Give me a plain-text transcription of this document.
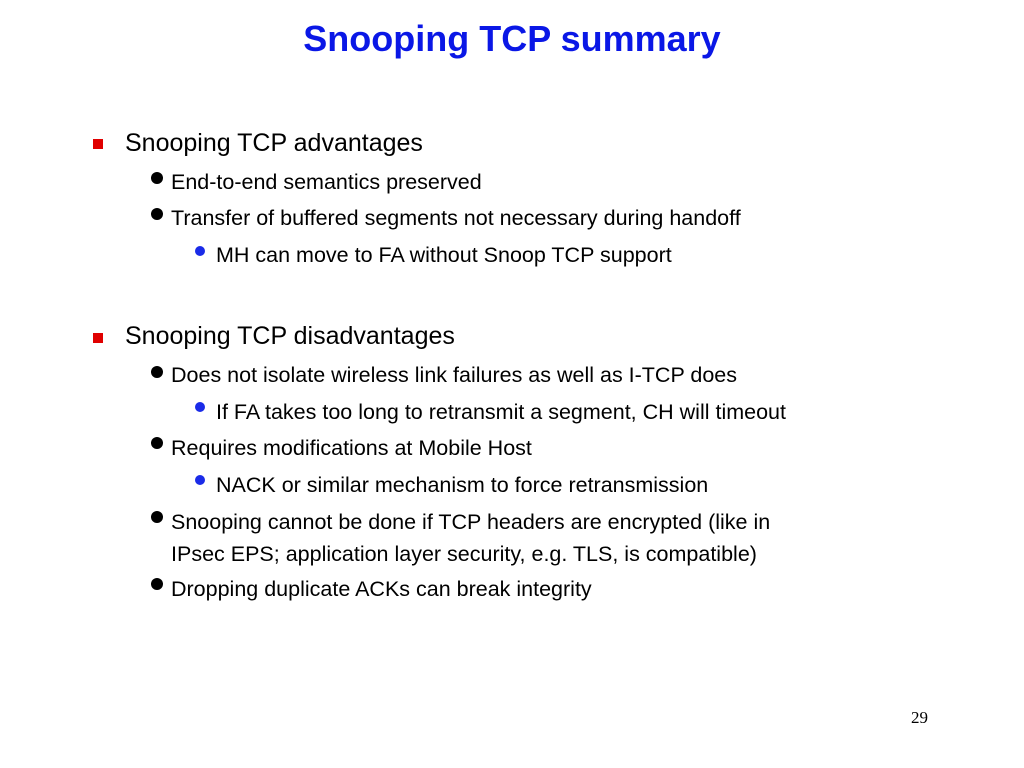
Snooping TCP summary
Snooping TCP advantages
End-to-end semantics preserved
Transfer of buffered segments not necessary during handoff
MH can move to FA without Snoop TCP support
Snooping TCP disadvantages
Does not isolate wireless link failures as well as I-TCP does
If FA takes too long to retransmit a segment, CH will timeout
Requires modifications at Mobile Host
NACK or similar mechanism to force retransmission
Snooping cannot be done if TCP headers are encrypted (like in
IPsec EPS; application layer security, e.g. TLS, is compatible)
Dropping duplicate ACKs can break integrity
29
